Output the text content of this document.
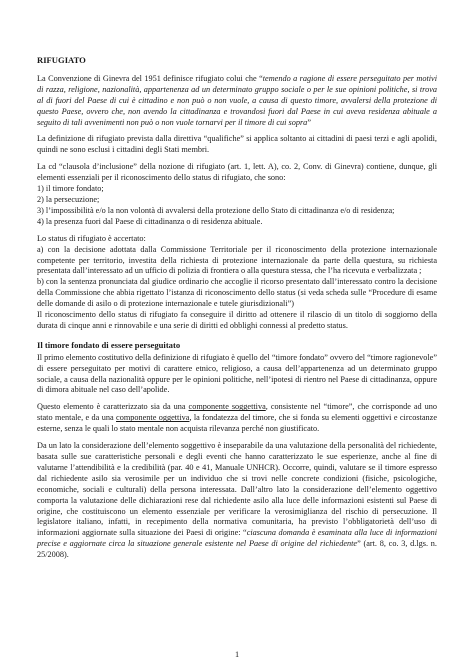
RIFUGIATO

La Convenzione di Ginevra del 1951 definisce rifugiato colui che “temendo a ragione di essere perseguitato per motivi di razza, religione, nazionalità, appartenenza ad un determinato gruppo sociale o per le sue opinioni politiche, si trova al di fuori del Paese di cui è cittadino e non può o non vuole, a causa di questo timore, avvalersi della protezione di questo Paese, ovvero che, non avendo la cittadinanza e trovandosi fuori dal Paese in cui aveva residenza abituale a seguito di tali avvenimenti non può o non vuole tornarvi per il timore di cui sopra”

La definizione di rifugiato prevista dalla direttiva “qualifiche” si applica soltanto ai cittadini di paesi terzi e agli apolidi, quindi ne sono esclusi i cittadini degli Stati membri.

La cd “clausola d’inclusione” della nozione di rifugiato (art. 1, lett. A), co. 2, Conv. di Ginevra) contiene, dunque, gli elementi essenziali per il riconoscimento dello status di rifugiato, che sono:
1) il timore fondato;
2) la persecuzione;
3) l’impossibilità e/o la non volontà di avvalersi della protezione dello Stato di cittadinanza e/o di residenza;
4) la presenza fuori dal Paese di cittadinanza o di residenza abituale.

Lo status di rifugiato è accertato:
a) con la decisione adottata dalla Commissione Territoriale per il riconoscimento della protezione internazionale competente per territorio, investita della richiesta di protezione internazionale da parte della questura, su richiesta presentata dall’interessato ad un ufficio di polizia di frontiera o alla questura stessa, che l’ha ricevuta e verbalizzata ;
b) con la sentenza pronunciata dal giudice ordinario che accoglie il ricorso presentato dall’interessato contro la decisione della Commissione che abbia rigettato l’istanza di riconoscimento dello status (si veda scheda sulle “Procedure di esame delle domande di asilo o di protezione internazionale e tutele giurisdizionali”)
Il riconoscimento dello status di rifugiato fa conseguire il diritto ad ottenere il rilascio di un titolo di soggiorno della durata di cinque anni e rinnovabile e una serie di diritti ed obblighi connessi al predetto status.

Il timore fondato di essere perseguitato

Il primo elemento costitutivo della definizione di rifugiato è quello del “timore fondato” ovvero del “timore ragionevole” di essere perseguitato per motivi di carattere etnico, religioso, a causa dell’appartenenza ad un determinato gruppo sociale, a causa della nazionalità oppure per le opinioni politiche, nell’ipotesi di rientro nel Paese di cittadinanza, oppure di dimora abituale nel caso dell’apolide.

Questo elemento è caratterizzato sia da una componente soggettiva, consistente nel “timore”, che corrisponde ad uno stato mentale, e da una componente oggettiva, la fondatezza del timore, che si fonda su elementi oggettivi e circostanze esterne, senza le quali lo stato mentale non acquista rilevanza perché non giustificato.

Da un lato la considerazione dell’elemento soggettivo è inseparabile da una valutazione della personalità del richiedente, basata sulle sue caratteristiche personali e degli eventi che hanno caratterizzato le sue esperienze, anche al fine di valutarne l’attendibilità e la credibilità (par. 40 e 41, Manuale UNHCR). Occorre, quindi, valutare se il timore espresso dal richiedente asilo sia verosimile per un individuo che si trovi nelle concrete condizioni (fisiche, psicologiche, economiche, sociali e culturali) della persona interessata. Dall’altro lato la considerazione dell’elemento oggettivo comporta la valutazione delle dichiarazioni rese dal richiedente asilo alla luce delle informazioni esistenti sul Paese di origine, che costituiscono un elemento essenziale per verificare la verosimiglianza del rischio di persecuzione. Il legislatore italiano, infatti, in recepimento della normativa comunitaria, ha previsto l’obbligatorietà dell’uso di informazioni aggiornate sulla situazione dei Paesi di origine: “ciascuna domanda è esaminata alla luce di informazioni precise e aggiornate circa la situazione generale esistente nel Paese di origine del richiedente” (art. 8, co. 3, d.lgs. n. 25/2008).

1
